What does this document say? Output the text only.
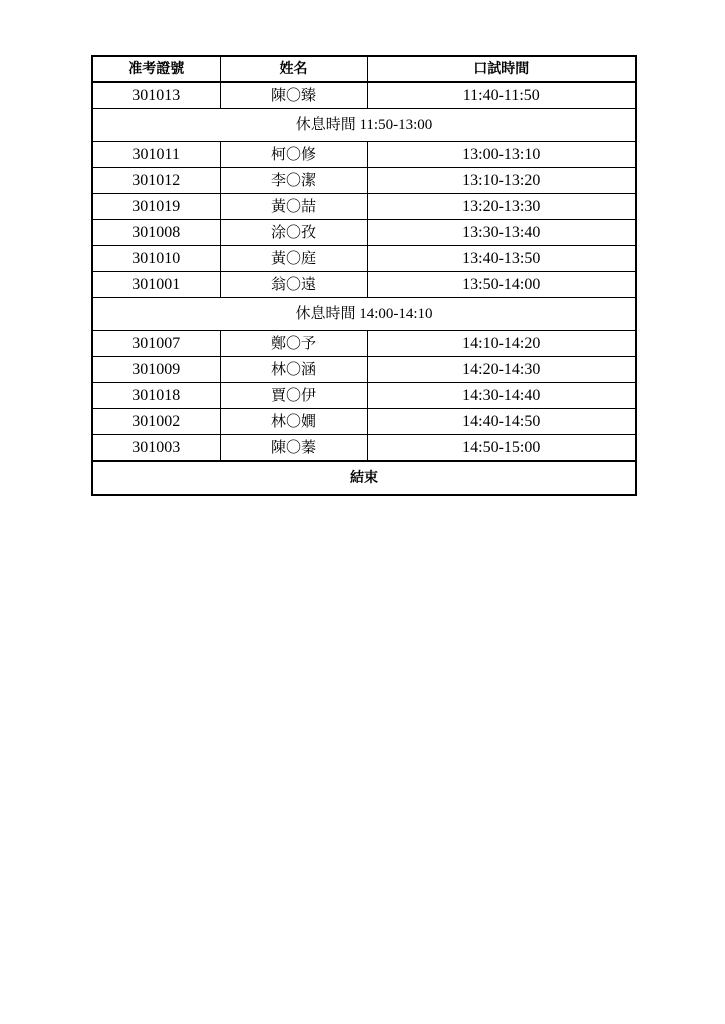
准考證號	姓名	口試時間
301013	陳〇臻	11:40-11:50
休息時間 11:50-13:00		
301011	柯〇修	13:00-13:10
301012	李〇潔	13:10-13:20
301019	黃〇喆	13:20-13:30
301008	涂〇孜	13:30-13:40
301010	黃〇庭	13:40-13:50
301001	翁〇遠	13:50-14:00
休息時間 14:00-14:10		
301007	鄭〇予	14:10-14:20
301009	林〇涵	14:20-14:30
301018	賈〇伊	14:30-14:40
301002	林〇嫺	14:40-14:50
301003	陳〇蓁	14:50-15:00
結束		
